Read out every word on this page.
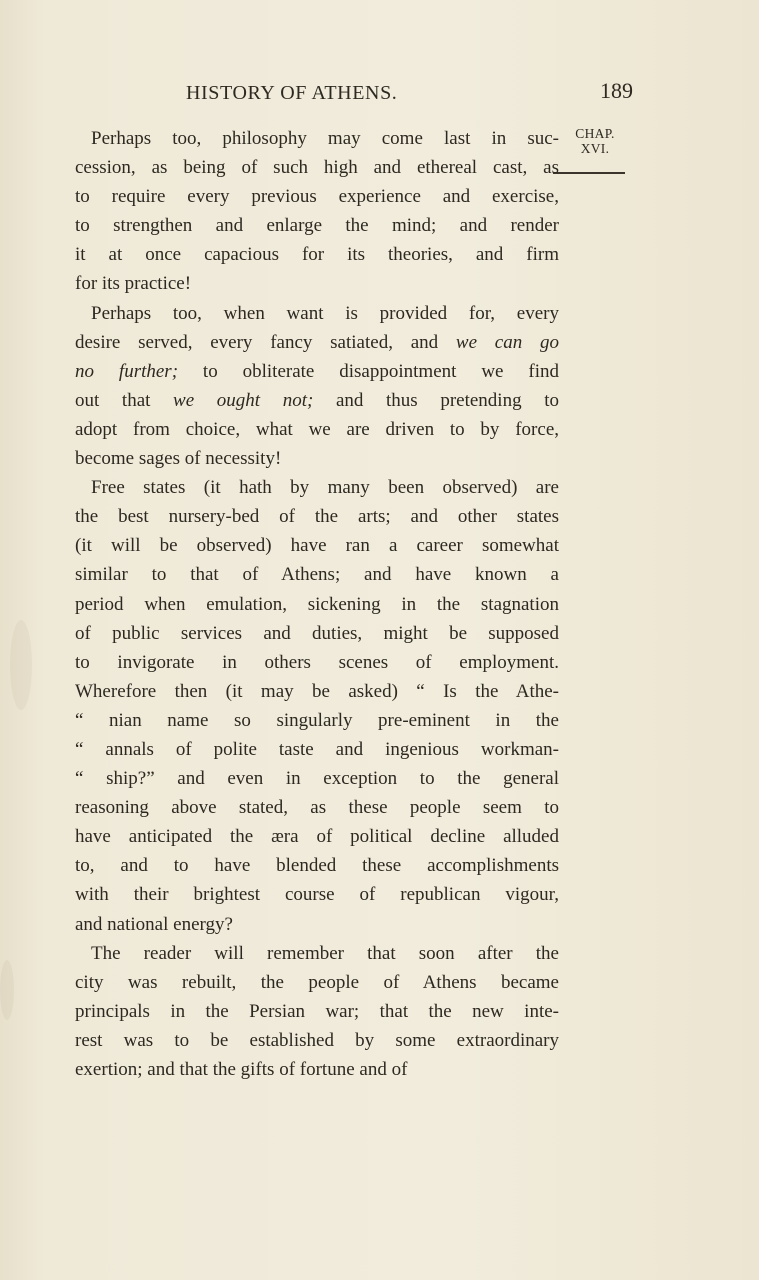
HISTORY OF ATHENS.	189
CHAP.
XVI.

Perhaps too, philosophy may come last in suc-
cession, as being of such high and ethereal cast, as
to require every previous experience and exercise,
to strengthen and enlarge the mind; and render
it at once capacious for its theories, and firm
for its practice!

Perhaps too, when want is provided for, every
desire served, every fancy satiated, and we can go
no further; to obliterate disappointment we find
out that we ought not; and thus pretending to
adopt from choice, what we are driven to by force,
become sages of necessity!

Free states (it hath by many been observed) are
the best nursery-bed of the arts; and other states
(it will be observed) have ran a career somewhat
similar to that of Athens; and have known a
period when emulation, sickening in the stagnation
of public services and duties, might be supposed
to invigorate in others scenes of employment.
Wherefore then (it may be asked) “ Is the Athe-
“ nian name so singularly pre-eminent in the
“ annals of polite taste and ingenious workman-
“ ship?” and even in exception to the general
reasoning above stated, as these people seem to
have anticipated the æra of political decline alluded
to, and to have blended these accomplishments
with their brightest course of republican vigour,
and national energy?

The reader will remember that soon after the
city was rebuilt, the people of Athens became
principals in the Persian war; that the new inte-
rest was to be established by some extraordinary
exertion; and that the gifts of fortune and of
